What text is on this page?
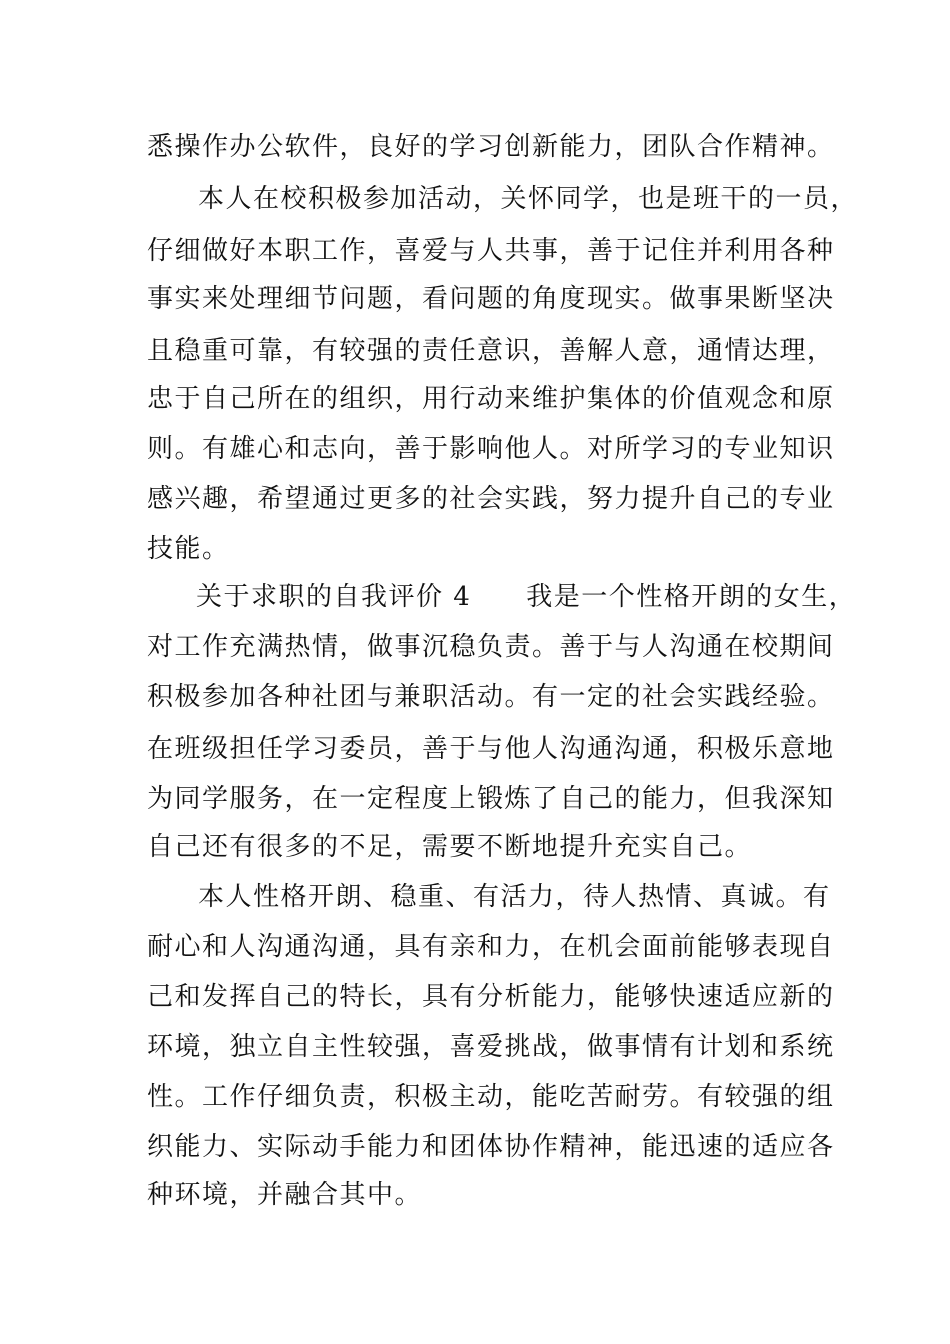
悉操作办公软件，良好的学习创新能力，团队合作精神。
本人在校积极参加活动，关怀同学，也是班干的一员，
仔细做好本职工作，喜爱与人共事，善于记住并利用各种
事实来处理细节问题，看问题的角度现实。做事果断坚决
且稳重可靠，有较强的责任意识，善解人意，通情达理，
忠于自己所在的组织，用行动来维护集体的价值观念和原
则。有雄心和志向，善于影响他人。对所学习的专业知识
感兴趣，希望通过更多的社会实践，努力提升自己的专业
技能。
关于求职的自我评价 4　　我是一个性格开朗的女生，
对工作充满热情，做事沉稳负责。善于与人沟通在校期间
积极参加各种社团与兼职活动。有一定的社会实践经验。
在班级担任学习委员，善于与他人沟通沟通，积极乐意地
为同学服务，在一定程度上锻炼了自己的能力，但我深知
自己还有很多的不足，需要不断地提升充实自己。
本人性格开朗、稳重、有活力，待人热情、真诚。有
耐心和人沟通沟通，具有亲和力，在机会面前能够表现自
己和发挥自己的特长，具有分析能力，能够快速适应新的
环境，独立自主性较强，喜爱挑战，做事情有计划和系统
性。工作仔细负责，积极主动，能吃苦耐劳。有较强的组
织能力、实际动手能力和团体协作精神，能迅速的适应各
种环境，并融合其中。
